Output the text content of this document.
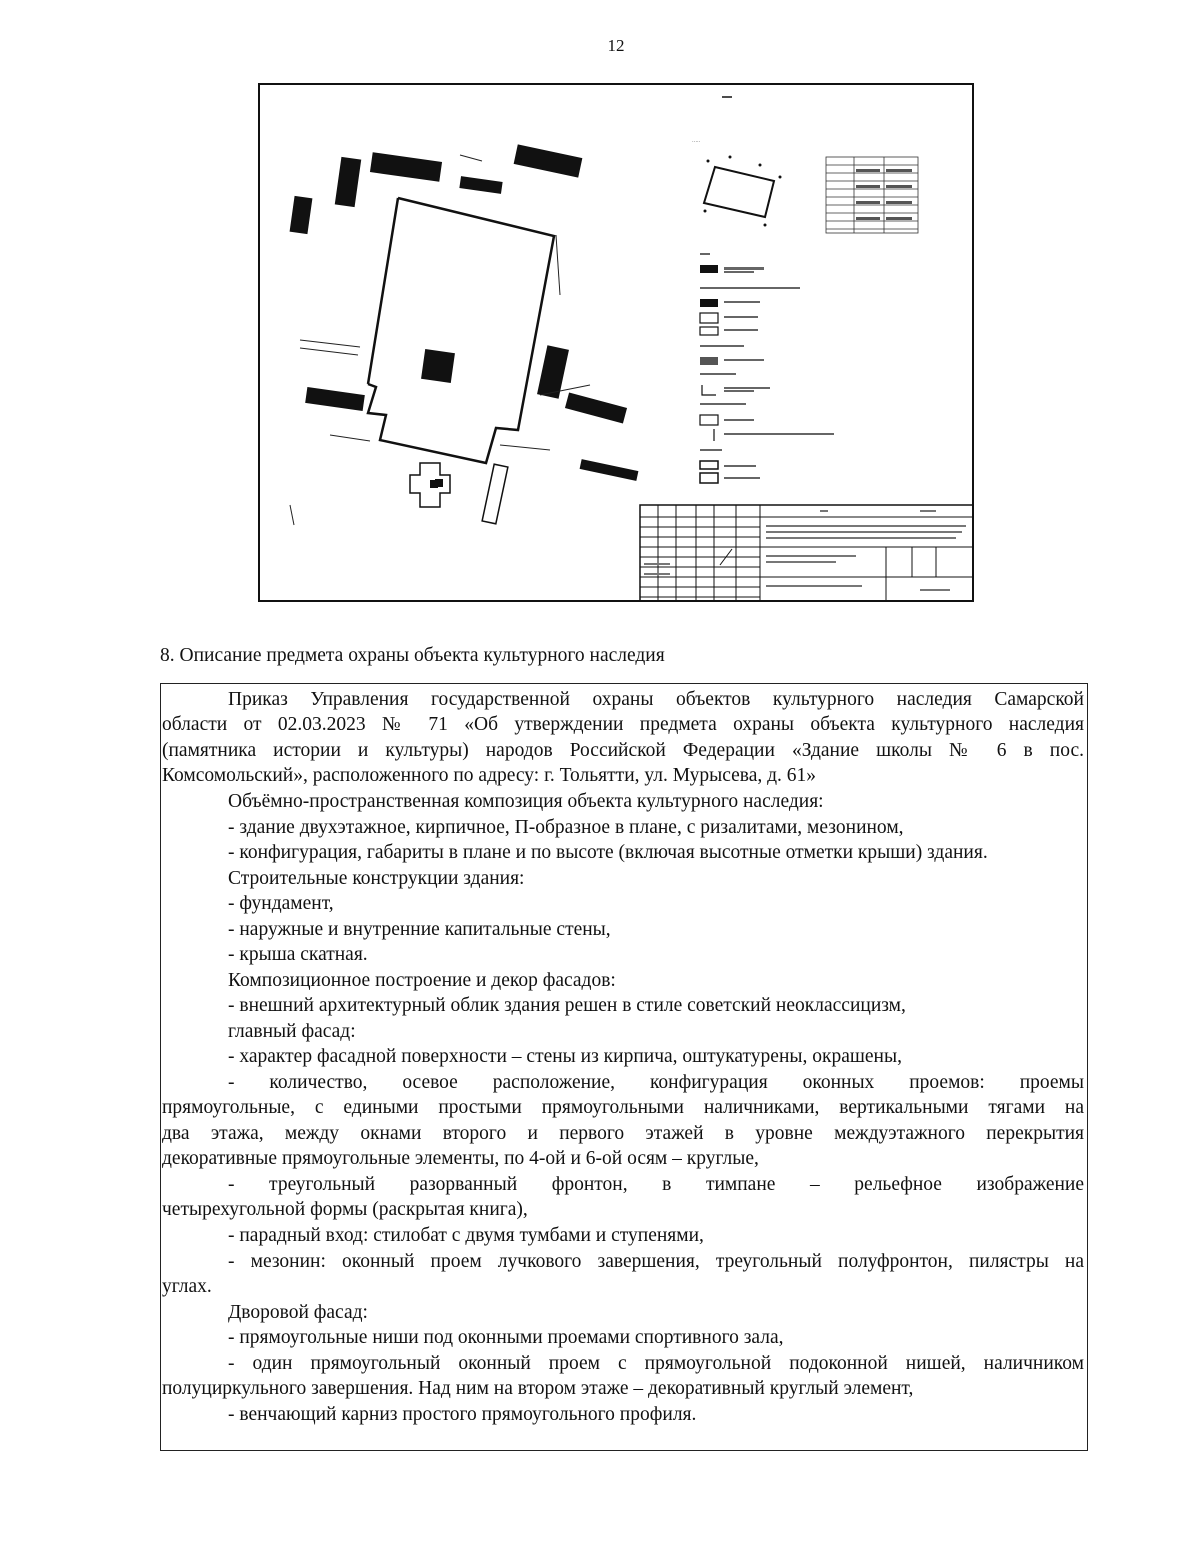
12
·····
8. Описание предмета охраны объекта культурного наследия
Приказ Управления государственной охраны объектов культурного наследия Самарской
области от 02.03.2023 № 71 «Об утверждении предмета охраны объекта культурного наследия
(памятника истории и культуры) народов Российской Федерации «Здание школы № 6 в пос.
Комсомольский», расположенного по адресу: г. Тольятти, ул. Мурысева, д. 61»
Объёмно-пространственная композиция объекта культурного наследия:
- здание двухэтажное, кирпичное, П-образное в плане, с ризалитами, мезонином,
- конфигурация, габариты в плане и по высоте (включая высотные отметки крыши) здания.
Строительные конструкции здания:
- фундамент,
- наружные и внутренние капитальные стены,
- крыша скатная.
Композиционное построение и декор фасадов:
- внешний архитектурный облик здания решен в стиле советский неоклассицизм,
главный фасад:
- характер фасадной поверхности – стены из кирпича, оштукатурены, окрашены,
- количество, осевое расположение, конфигурация оконных проемов: проемы
прямоугольные, с едиными простыми прямоугольными наличниками, вертикальными тягами на
два этажа, между окнами второго и первого этажей в уровне междуэтажного перекрытия
декоративные прямоугольные элементы, по 4-ой и 6-ой осям – круглые,
- треугольный разорванный фронтон, в тимпане – рельефное изображение
четырехугольной формы (раскрытая книга),
- парадный вход: стилобат с двумя тумбами и ступенями,
- мезонин: оконный проем лучкового завершения, треугольный полуфронтон, пилястры на
углах.
Дворовой фасад:
- прямоугольные ниши под оконными проемами спортивного зала,
- один прямоугольный оконный проем с прямоугольной подоконной нишей, наличником
полуциркульного завершения. Над ним на втором этаже – декоративный круглый элемент,
- венчающий карниз простого прямоугольного профиля.
